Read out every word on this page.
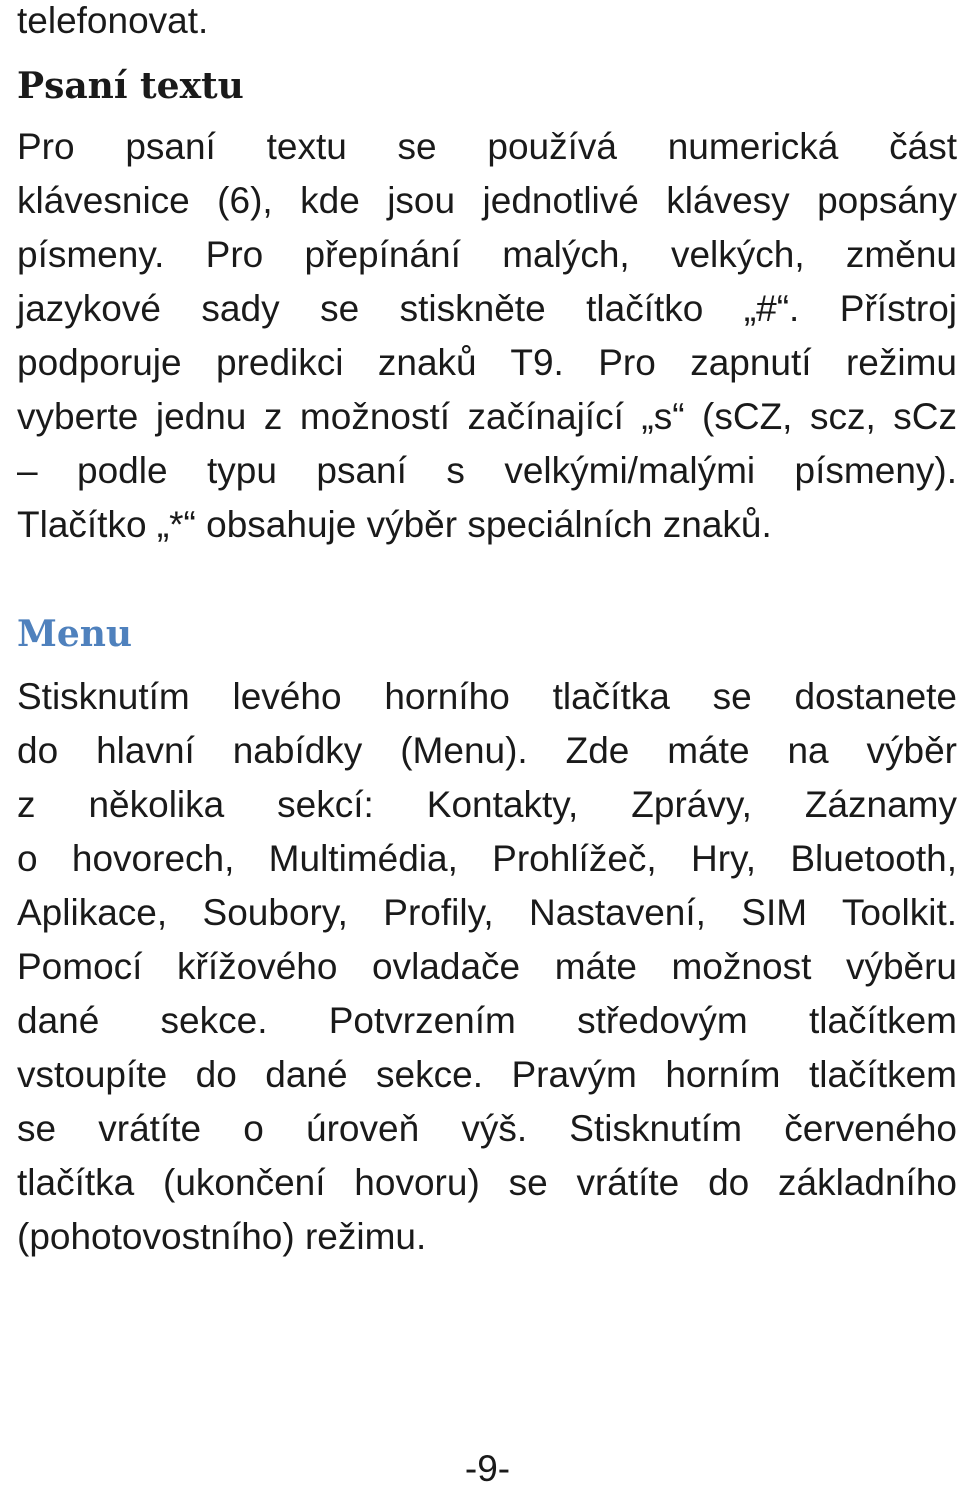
telefonovat.
Psaní textu
Pro psaní textu se používá numerická část
klávesnice (6), kde jsou jednotlivé klávesy popsány
písmeny. Pro přepínání malých, velkých, změnu
jazykové sady se stiskněte tlačítko „#“. Přístroj
podporuje predikci znaků T9. Pro zapnutí režimu
vyberte jednu z možností začínající „s“ (sCZ, scz, sCz
– podle typu psaní s velkými/malými písmeny).
Tlačítko „*“ obsahuje výběr speciálních znaků.
Menu
Stisknutím levého horního tlačítka se dostanete
do hlavní nabídky (Menu). Zde máte na výběr
z několika sekcí: Kontakty, Zprávy, Záznamy
o hovorech, Multimédia, Prohlížeč, Hry, Bluetooth,
Aplikace, Soubory, Profily, Nastavení, SIM Toolkit.
Pomocí křížového ovladače máte možnost výběru
dané sekce. Potvrzením středovým tlačítkem
vstoupíte do dané sekce. Pravým horním tlačítkem
se vrátíte o úroveň výš. Stisknutím červeného
tlačítka (ukončení hovoru) se vrátíte do základního
(pohotovostního) režimu.
-9-
